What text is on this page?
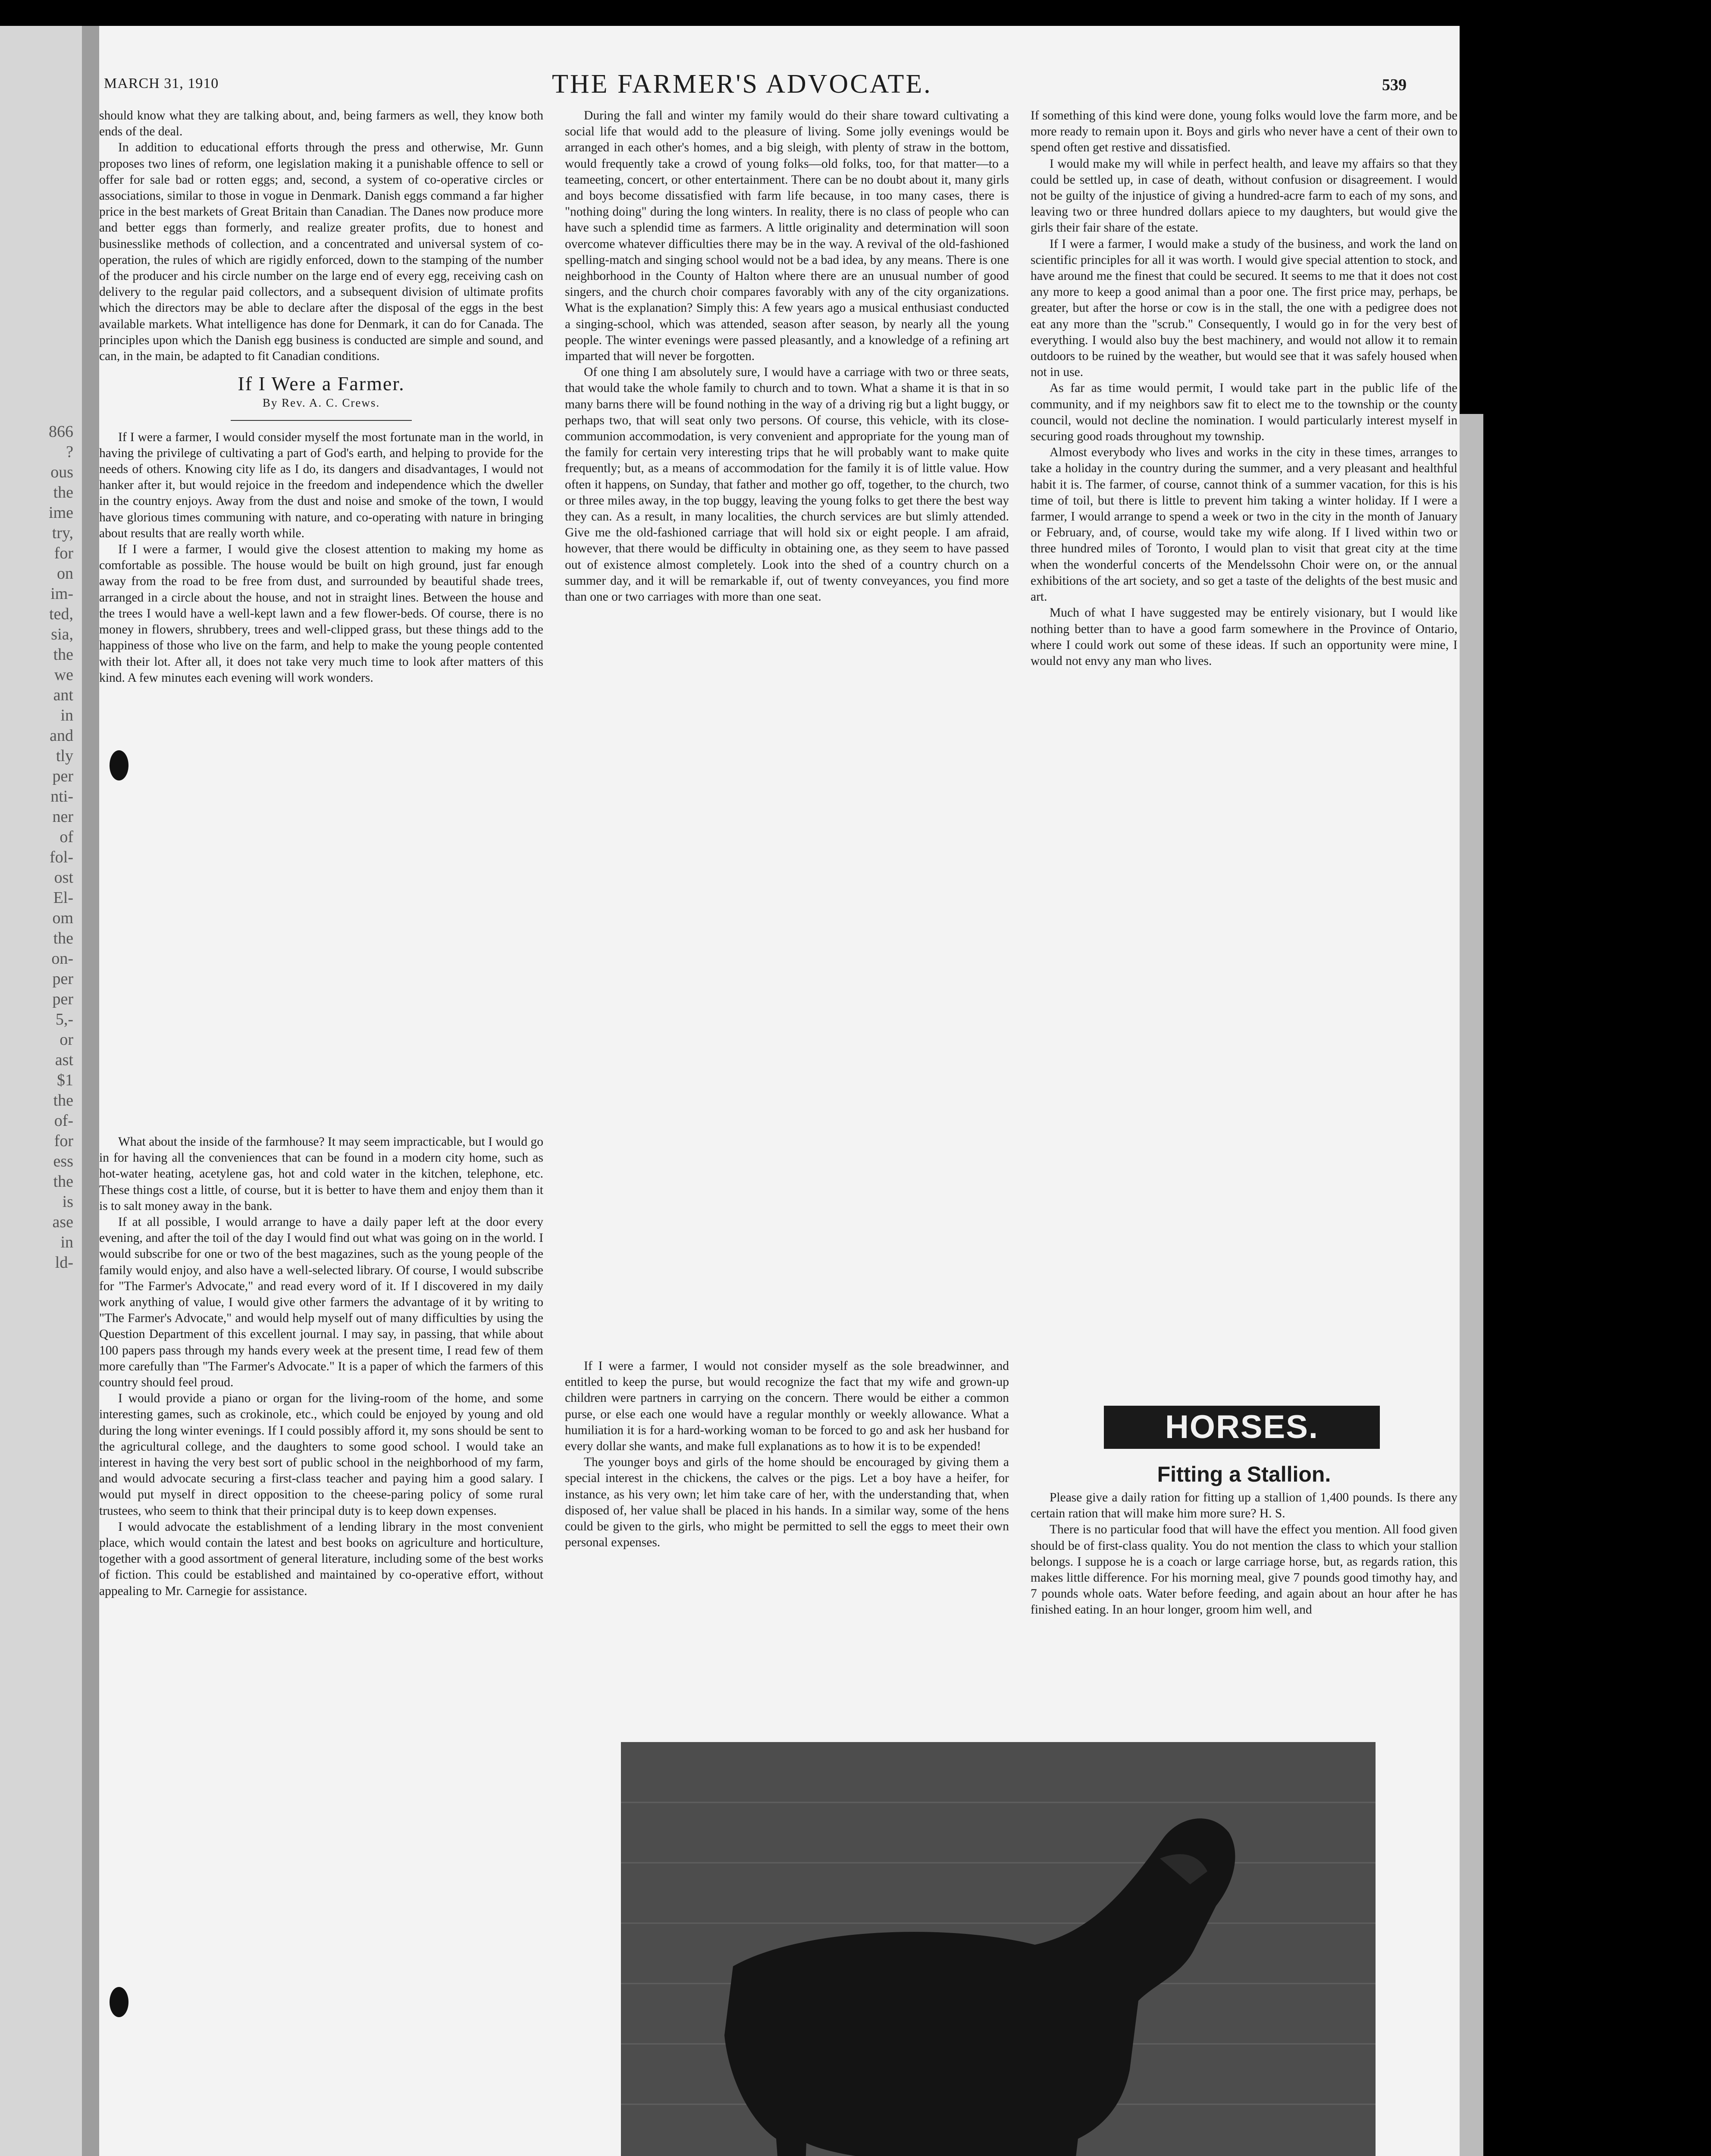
866
?
ous
the
ime
try,
for
on
im-
ted,
sia,
the
we
ant
in
and
tly
per
nti-
ner
of
fol-
ost
El-
om
the
on-
per
per
5,-
or
ast
$1
the
of-
for
ess
the
is
ase
in
ld-
MARCH 31, 1910	THE FARMER'S ADVOCATE.	539

should know what they are talking about, and, being farmers as well, they know both ends of the deal.

In addition to educational efforts through the press and otherwise, Mr. Gunn proposes two lines of reform, one legislation making it a punishable offence to sell or offer for sale bad or rotten eggs; and, second, a system of co-operative circles or associations, similar to those in vogue in Denmark. Danish eggs command a far higher price in the best markets of Great Britain than Canadian. The Danes now produce more and better eggs than formerly, and realize greater profits, due to honest and businesslike methods of collection, and a concentrated and universal system of co-operation, the rules of which are rigidly enforced, down to the stamping of the number of the producer and his circle number on the large end of every egg, receiving cash on delivery to the regular paid collectors, and a subsequent division of ultimate profits which the directors may be able to declare after the disposal of the eggs in the best available markets. What intelligence has done for Denmark, it can do for Canada. The principles upon which the Danish egg business is conducted are simple and sound, and can, in the main, be adapted to fit Canadian conditions.

If I Were a Farmer.
By Rev. A. C. Crews.

If I were a farmer, I would consider myself the most fortunate man in the world, in having the privilege of cultivating a part of God's earth, and helping to provide for the needs of others. Knowing city life as I do, its dangers and disadvantages, I would not hanker after it, but would rejoice in the freedom and independence which the dweller in the country enjoys. Away from the dust and noise and smoke of the town, I would have glorious times communing with nature, and co-operating with nature in bringing about results that are really worth while.

If I were a farmer, I would give the closest attention to making my home as comfortable as possible. The house would be built on high ground, just far enough away from the road to be free from dust, and surrounded by beautiful shade trees, arranged in a circle about the house, and not in straight lines. Between the house and the trees I would have a well-kept lawn and a few flower-beds. Of course, there is no money in flowers, shrubbery, trees and well-clipped grass, but these things add to the happiness of those who live on the farm, and help to make the young people contented with their lot. After all, it does not take very much time to look after matters of this kind. A few minutes each evening will work wonders.

What about the inside of the farmhouse? It may seem impracticable, but I would go in for having all the conveniences that can be found in a modern city home, such as hot-water heating, acetylene gas, hot and cold water in the kitchen, telephone, etc. These things cost a little, of course, but it is better to have them and enjoy them than it is to salt money away in the bank.

If at all possible, I would arrange to have a daily paper left at the door every evening, and after the toil of the day I would find out what was going on in the world. I would subscribe for one or two of the best magazines, such as the young people of the family would enjoy, and also have a well-selected library. Of course, I would subscribe for "The Farmer's Advocate," and read every word of it. If I discovered in my daily work anything of value, I would give other farmers the advantage of it by writing to "The Farmer's Advocate," and would help myself out of many difficulties by using the Question Department of this excellent journal. I may say, in passing, that while about 100 papers pass through my hands every week at the present time, I read few of them more carefully than "The Farmer's Advocate." It is a paper of which the farmers of this country should feel proud.

I would provide a piano or organ for the living-room of the home, and some interesting games, such as crokinole, etc., which could be enjoyed by young and old during the long winter evenings. If I could possibly afford it, my sons should be sent to the agricultural college, and the daughters to some good school. I would take an interest in having the very best sort of public school in the neighborhood of my farm, and would advocate securing a first-class teacher and paying him a good salary. I would put myself in direct opposition to the cheese-paring policy of some rural trustees, who seem to think that their principal duty is to keep down expenses.

I would advocate the establishment of a lending library in the most convenient place, which would contain the latest and best books on agriculture and horticulture, together with a good assortment of general literature, including some of the best works of fiction. This could be established and maintained by co-operative effort, without appealing to Mr. Carnegie for assistance.

During the fall and winter my family would do their share toward cultivating a social life that would add to the pleasure of living. Some jolly evenings would be arranged in each other's homes, and a big sleigh, with plenty of straw in the bottom, would frequently take a crowd of young folks—old folks, too, for that matter—to a teameeting, concert, or other entertainment. There can be no doubt about it, many girls and boys become dissatisfied with farm life because, in too many cases, there is "nothing doing" during the long winters. In reality, there is no class of people who can have such a splendid time as farmers. A little originality and determination will soon overcome whatever difficulties there may be in the way. A revival of the old-fashioned spelling-match and singing school would not be a bad idea, by any means. There is one neighborhood in the County of Halton where there are an unusual number of good singers, and the church choir compares favorably with any of the city organizations. What is the explanation? Simply this: A few years ago a musical enthusiast conducted a singing-school, which was attended, season after season, by nearly all the young people. The winter evenings were passed pleasantly, and a knowledge of a refining art imparted that will never be forgotten.

Of one thing I am absolutely sure, I would have a carriage with two or three seats, that would take the whole family to church and to town. What a shame it is that in so many barns there will be found nothing in the way of a driving rig but a light buggy, or perhaps two, that will seat only two persons. Of course, this vehicle, with its close-communion accommodation, is very convenient and appropriate for the young man of the family for certain very interesting trips that he will probably want to make quite frequently; but, as a means of accommodation for the family it is of little value. How often it happens, on Sunday, that father and mother go off, together, to the church, two or three miles away, in the top buggy, leaving the young folks to get there the best way they can. As a result, in many localities, the church services are but slimly attended. Give me the old-fashioned carriage that will hold six or eight people. I am afraid, however, that there would be difficulty in obtaining one, as they seem to have passed out of existence almost completely. Look into the shed of a country church on a summer day, and it will be remarkable if, out of twenty conveyances, you find more than one or two carriages with more than one seat.

If I were a farmer, I would not consider myself as the sole breadwinner, and entitled to keep the purse, but would recognize the fact that my wife and grown-up children were partners in carrying on the concern. There would be either a common purse, or else each one would have a regular monthly or weekly allowance. What a humiliation it is for a hard-working woman to be forced to go and ask her husband for every dollar she wants, and make full explanations as to how it is to be expended!

The younger boys and girls of the home should be encouraged by giving them a special interest in the chickens, the calves or the pigs. Let a boy have a heifer, for instance, as his very own; let him take care of her, with the understanding that, when disposed of, her value shall be placed in his hands. In a similar way, some of the hens could be given to the girls, who might be permitted to sell the eggs to meet their own personal expenses.

If something of this kind were done, young folks would love the farm more, and be more ready to remain upon it. Boys and girls who never have a cent of their own to spend often get restive and dissatisfied.

I would make my will while in perfect health, and leave my affairs so that they could be settled up, in case of death, without confusion or disagreement. I would not be guilty of the injustice of giving a hundred-acre farm to each of my sons, and leaving two or three hundred dollars apiece to my daughters, but would give the girls their fair share of the estate.

If I were a farmer, I would make a study of the business, and work the land on scientific principles for all it was worth. I would give special attention to stock, and have around me the finest that could be secured. It seems to me that it does not cost any more to keep a good animal than a poor one. The first price may, perhaps, be greater, but after the horse or cow is in the stall, the one with a pedigree does not eat any more than the "scrub." Consequently, I would go in for the very best of everything. I would also buy the best machinery, and would not allow it to remain outdoors to be ruined by the weather, but would see that it was safely housed when not in use.

As far as time would permit, I would take part in the public life of the community, and if my neighbors saw fit to elect me to the township or the county council, would not decline the nomination. I would particularly interest myself in securing good roads throughout my township.

Almost everybody who lives and works in the city in these times, arranges to take a holiday in the country during the summer, and a very pleasant and healthful habit it is. The farmer, of course, cannot think of a summer vacation, for this is his time of toil, but there is little to prevent him taking a winter holiday. If I were a farmer, I would arrange to spend a week or two in the city in the month of January or February, and, of course, would take my wife along. If I lived within two or three hundred miles of Toronto, I would plan to visit that great city at the time when the wonderful concerts of the Mendelssohn Choir were on, or the annual exhibitions of the art society, and so get a taste of the delights of the best music and art.

Much of what I have suggested may be entirely visionary, but I would like nothing better than to have a good farm somewhere in the Province of Ontario, where I could work out some of these ideas. If such an opportunity were mine, I would not envy any man who lives.

HORSES.
Fitting a Stallion.

Please give a daily ration for fitting up a stallion of 1,400 pounds. Is there any certain ration that will make him more sure? H. S.

There is no particular food that will have the effect you mention. All food given should be of first-class quality. You do not mention the class to which your stallion belongs. I suppose he is a coach or large carriage horse, but, as regards ration, this makes little difference. For his morning meal, give 7 pounds good timothy hay, and 7 pounds whole oats. Water before feeding, and again about an hour after he has finished eating. In an hour longer, groom him well, and
